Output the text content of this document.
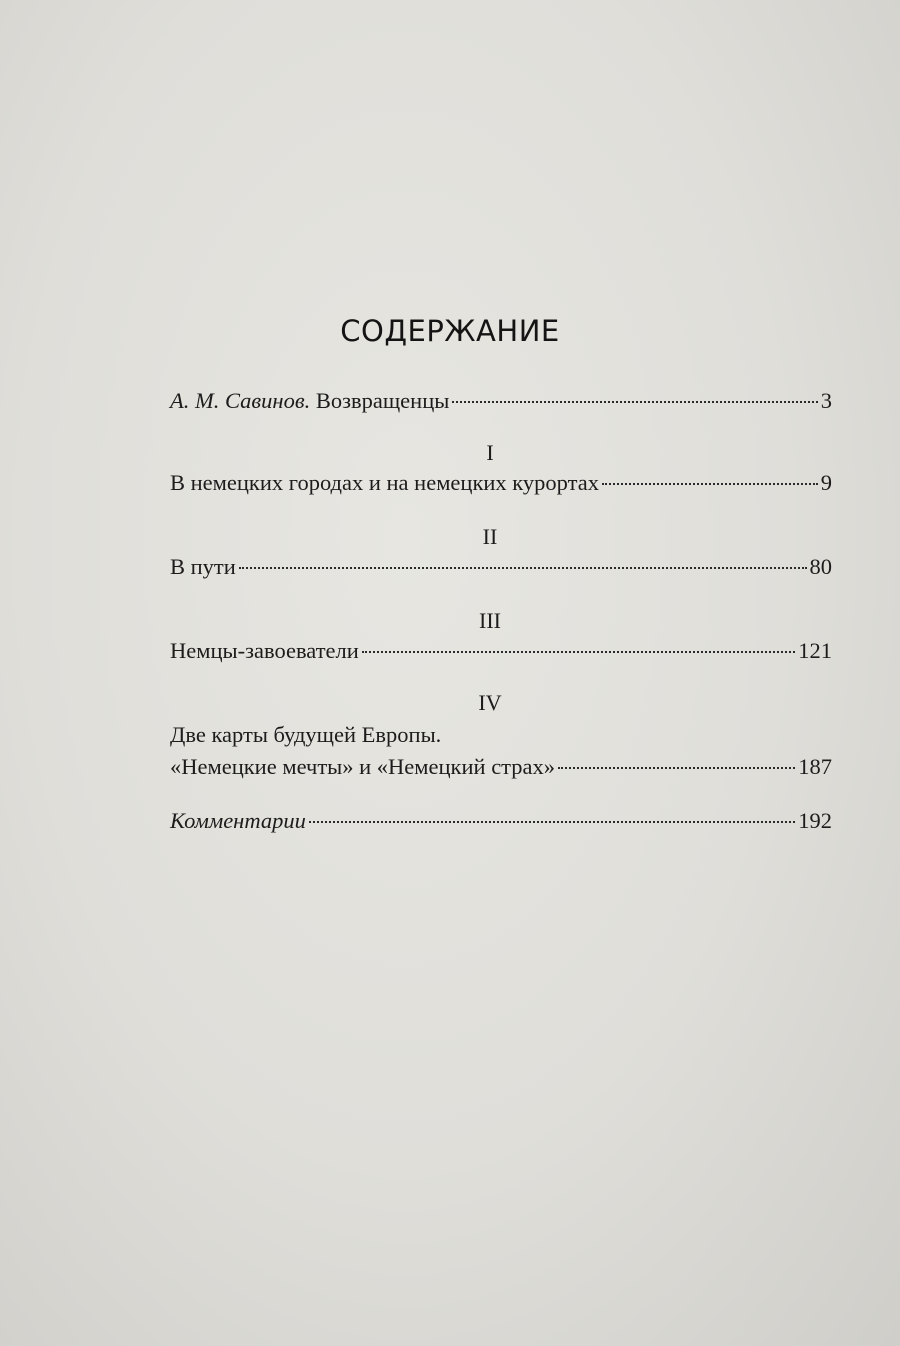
СОДЕРЖАНИЕ
А. М. Савинов.
Возвращенцы	3
I
В немецких городах и на немецких курортах	9
II
В пути	80
III
Немцы-завоеватели	121
IV
Две карты будущей Европы.
«Немецкие мечты» и «Немецкий страх»	187
Комментарии	192
